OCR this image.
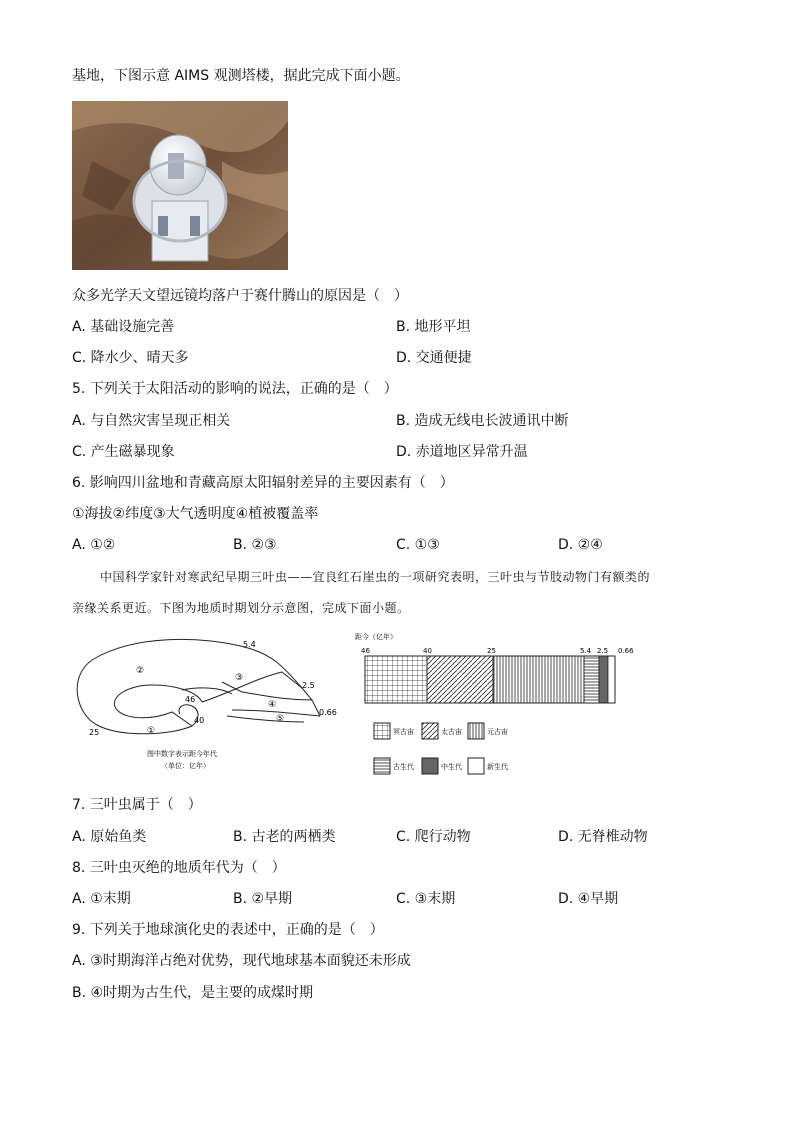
基地，下图示意 AIMS 观测塔楼，据此完成下面小题。
众多光学天文望远镜均落户于赛什腾山的原因是（　）
A. 基础设施完善	B. 地形平坦
C. 降水少、晴天多	D. 交通便捷
5. 下列关于太阳活动的影响的说法，正确的是（　）
A. 与自然灾害呈现正相关	B. 造成无线电长波通讯中断
C. 产生磁暴现象	D. 赤道地区异常升温
6. 影响四川盆地和青藏高原太阳辐射差异的主要因素有（　）
①海拔②纬度③大气透明度④植被覆盖率
A. ①②	B. ②③	C. ①③	D. ②④
中国科学家针对寒武纪早期三叶虫——宜良红石崖虫的一项研究表明，三叶虫与节肢动物门有额类的
亲缘关系更近。下图为地质时期划分示意图，完成下面小题。
5.4
2.5
0.66
46
40
25	①
②
③
④
⑤
图中数字表示距今年代
（单位：亿年）
距今（亿年）
46	40	25	5.4 2.5 0.66
冥古宙	太古宙	元古宙
古生代	中生代	新生代
7. 三叶虫属于（　）
A. 原始鱼类	B. 古老的两栖类	C. 爬行动物	D. 无脊椎动物
8. 三叶虫灭绝的地质年代为（　）
A. ①末期	B. ②早期	C. ③末期	D. ④早期
9. 下列关于地球演化史的表述中，正确的是（　）
A. ③时期海洋占绝对优势，现代地球基本面貌还未形成
B. ④时期为古生代，是主要的成煤时期
